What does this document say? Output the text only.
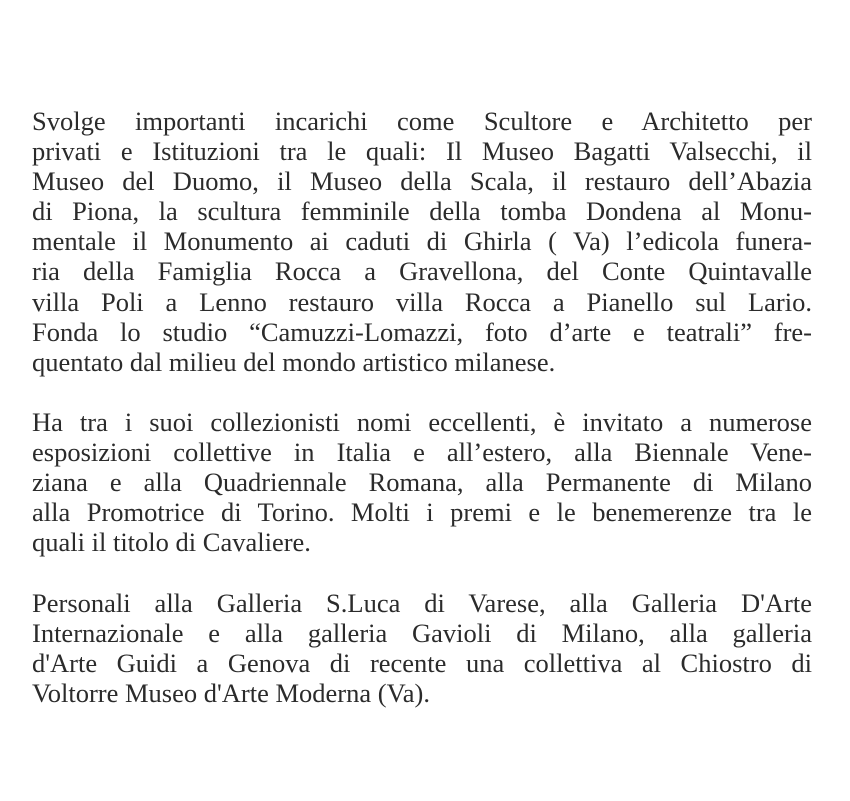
Svolge importanti incarichi come Scultore e Architetto per
privati e Istituzioni tra le quali: Il Museo Bagatti Valsecchi, il
Museo del Duomo, il Museo della Scala, il restauro dell’Abazia
di Piona, la scultura femminile della tomba Dondena al Monu-
mentale il Monumento ai caduti di Ghirla ( Va) l’edicola funera-
ria della Famiglia Rocca a Gravellona, del Conte Quintavalle
villa Poli a Lenno restauro villa Rocca a Pianello sul Lario.
Fonda lo studio “Camuzzi-Lomazzi, foto d’arte e teatrali” fre-
quentato dal milieu del mondo artistico milanese.

Ha tra i suoi collezionisti nomi eccellenti, è invitato a numerose
esposizioni collettive in Italia e all’estero, alla Biennale Vene-
ziana e alla Quadriennale Romana, alla Permanente di Milano
alla Promotrice di Torino. Molti i premi e le benemerenze tra le
quali il titolo di Cavaliere.

Personali alla Galleria S.Luca di Varese, alla Galleria D'Arte
Internazionale e alla galleria Gavioli di Milano, alla galleria
d'Arte Guidi a Genova di recente una collettiva al Chiostro di
Voltorre Museo d'Arte Moderna (Va).
